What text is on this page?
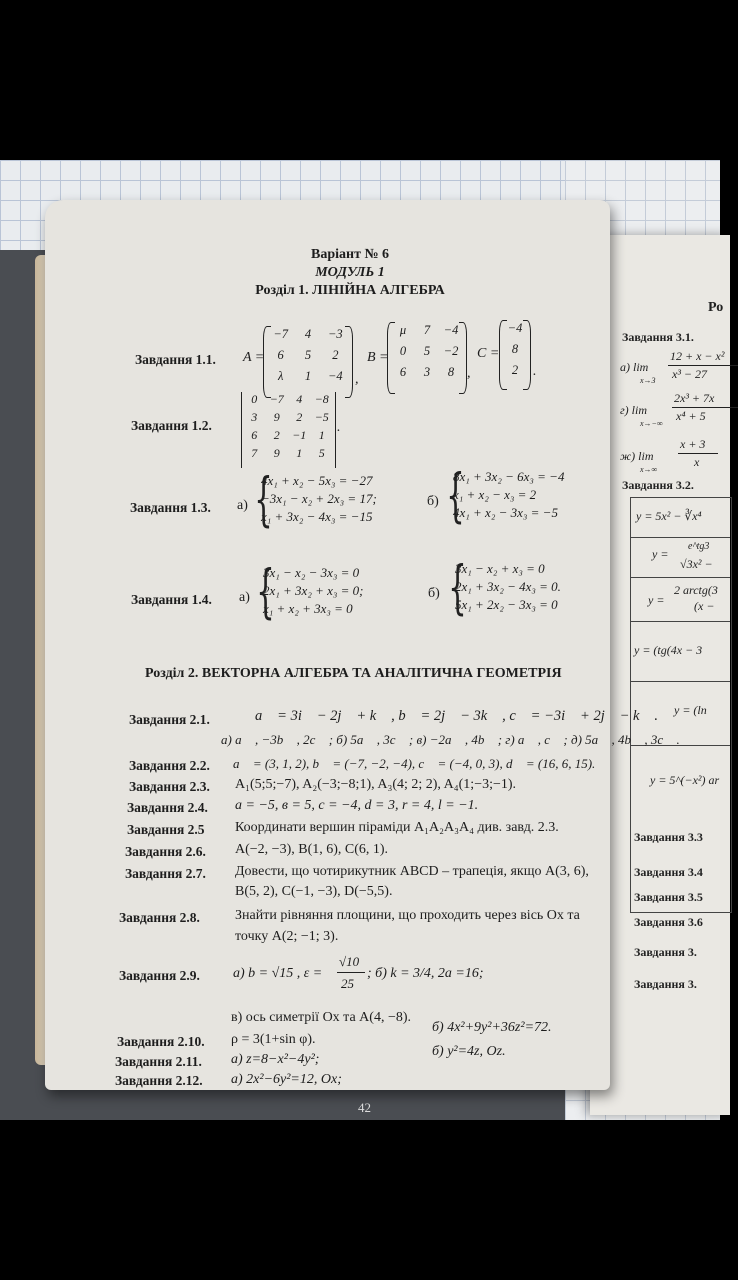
Ро
Завдання 3.1.
а) lim
x→3
12 + x − x²
x³ − 27
г) lim
x→−∞
2x³ + 7x
x⁴ + 5
ж) lim
x→∞
x + 3
x
Завдання 3.2.
y = 5x² − ∛x⁴
y =
e^tg3
√3x² −
y =
2 arctg(3
(x −
y = (tg(4x − 3
y = (ln
y = 5^(−x²) ar
Завдання 3.3
Завдання 3.4
Завдання 3.5
Завдання 3.6
Завдання 3.
Завдання 3.
Варіант № 6
МОДУЛЬ 1
Розділ 1. ЛІНІЙНА АЛГЕБРА
Завдання 1.1. A =
−7	4	−3
6	5	2
λ	1	−4 ,
B =
μ	7	−4
0	5	−2
6	3	8 ,
C =
−4
8
2	.
Завдання 1.2.
0	−7	4	−8
3	9	2	−5
6	2	−1	1
7	9	1	5
.
Завдання 1.3. а) {
4x₁ + x₂ − 5x₃ = −27
−3x₁ − x₂ + 2x₃ = 17;
x₁ + 3x₂ − 4x₃ = −15
б) {
8x₁ + 3x₂ − 6x₃ = −4
x₁ + x₂ − x₃ = 2
4x₁ + x₂ − 3x₃ = −5
Завдання 1.4. а) {
3x₁ − x₂ − 3x₃ = 0
2x₁ + 3x₂ + x₃ = 0;
x₁ + x₂ + 3x₃ = 0
б) {
3x₁ − x₂ + x₃ = 0
2x₁ + 3x₂ − 4x₃ = 0.
5x₁ + 2x₂ − 3x₃ = 0
Розділ 2. ВЕКТОРНА АЛГЕБРА ТА АНАЛІТИЧНА ГЕОМЕТРІЯ
Завдання 2.1.	a⃗ = 3i⃗ − 2j⃗ + k⃗ , b⃗ = 2j⃗ − 3k⃗ , c⃗ = −3i⃗ + 2j⃗ − k⃗ .
а) a⃗ , −3b⃗ , 2c⃗ ; б) 5a⃗ , 3c⃗ ; в) −2a⃗ , 4b⃗ ; г) a⃗ , c⃗ ; д) 5a⃗ , 4b⃗ , 3c⃗ .
Завдання 2.2. a⃗ = (3, 1, 2), b⃗ = (−7, −2, −4), c⃗ = (−4, 0, 3), d⃗ = (16, 6, 15).
Завдання 2.3. A₁(5;5;−7), A₂(−3;−8;1), A₃(4; 2; 2), A₄(1;−3;−1).
Завдання 2.4. a = −5, в = 5, c = −4, d = 3, r = 4, l = −1.
Завдання 2.5 Координати вершин піраміди A₁A₂A₃A₄ див. завд. 2.3.
Завдання 2.6. A(−2, −3), B(1, 6), C(6, 1).
Завдання 2.7. Довести, що чотирикутник ABCD – трапеція, якщо A(3, 6),
B(5, 2), C(−1, −3), D(−5,5).
Завдання 2.8.	Знайти рівняння площини, що проходить через вісь Ox та
точку A(2; −1; 3).
Завдання 2.9. а) b = √15 , ε =
√10
25
; б) k = 3/4, 2a =16;
в) ось симетрії Ox та A(4, −8).
Завдання 2.10. ρ = 3(1+sin φ).
Завдання 2.11. а) z=8−x²−4y²;
Завдання 2.12. а) 2x²−6y²=12, Ox;
б) 4x²+9y²+36z²=72.
б) y²=4z, Oz.
42
